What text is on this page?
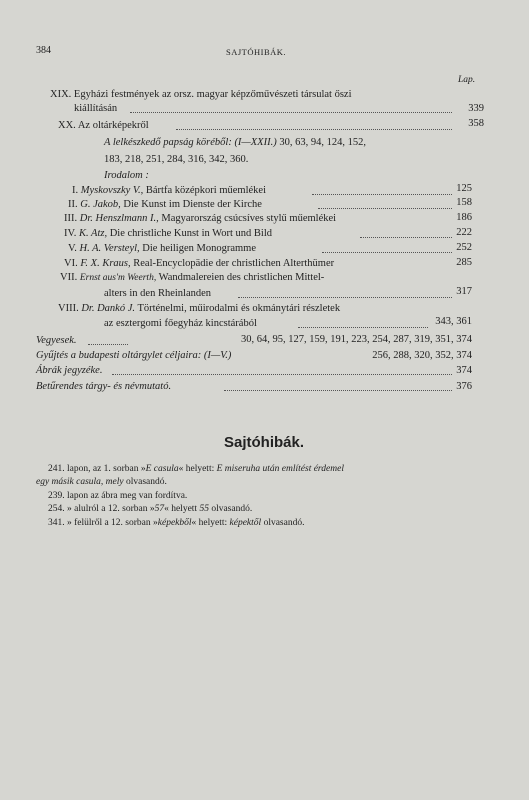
384	SAJTÓHIBÁK.
Lap.
XIX. Egyházi festmények az orsz. magyar képzőművészeti társulat őszi
kiállításán	339
XX. Az oltárképekről	358
A lelkészkedő papság köréből: (I—XXII.) 30, 63, 94, 124, 152,
183, 218, 251, 284, 316, 342, 360.
Irodalom :
I. Myskovszky V., Bártfa középkori műemlékei	125
II. G. Jakob, Die Kunst im Dienste der Kirche	158
III. Dr. Henszlmann I., Magyarország csúcsíves stylű műemlékei	186
IV. K. Atz, Die christliche Kunst in Wort und Bild	222
V. H. A. Versteyl, Die heiligen Monogramme	252
VI. F. X. Kraus, Real-Encyclopädie der christlichen Alterthümer	285
VII. Ernst aus'm Weerth, Wandmalereien des christlichen Mittel-
alters in den Rheinlanden	317
VIII. Dr. Dankó J. Történelmi, műirodalmi és okmánytári részletek
az esztergomi főegyház kincstárából	343, 361
Vegyesek.	30, 64, 95, 127, 159, 191, 223, 254, 287, 319, 351, 374
Gyűjtés a budapesti oltárgylet céljaira: (I—V.)	256, 288, 320, 352, 374
Ábrák jegyzéke.	374
Betűrendes tárgy- és névmutató.	376
Sajtóhibák.
241. lapon, az 1. sorban »E casula« helyett: E miseruha után említést érdemel
egy másik casula, mely olvasandó.
239. lapon az ábra meg van fordítva.
254. » alulról a 12. sorban »57« helyett 55 olvasandó.
341. » felülről a 12. sorban »képekből« helyett: képektől olvasandó.
